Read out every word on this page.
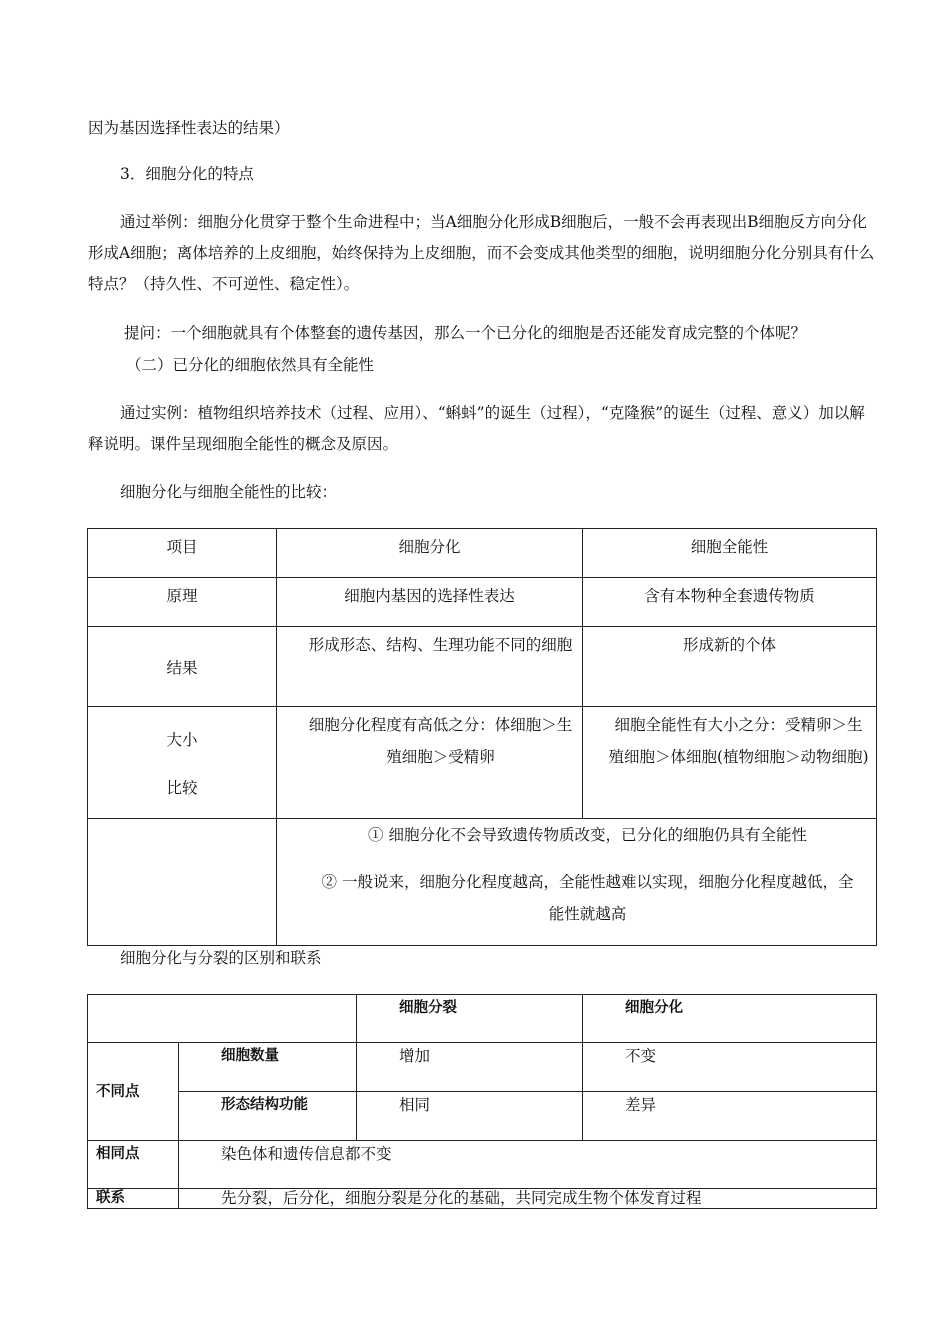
因为基因选择性表达的结果）

3．细胞分化的特点

通过举例：细胞分化贯穿于整个生命进程中；当A细胞分化形成B细胞后，一般不会再表现出B细胞反方向分化形成A细胞；离体培养的上皮细胞，始终保持为上皮细胞，而不会变成其他类型的细胞，说明细胞分化分别具有什么特点？（持久性、不可逆性、稳定性）。

提问：一个细胞就具有个体整套的遗传基因，那么一个已分化的细胞是否还能发育成完整的个体呢？

（二）已分化的细胞依然具有全能性

通过实例：植物组织培养技术（过程、应用）、“蝌蚪”的诞生（过程），“克隆猴”的诞生（过程、意义）加以解释说明。课件呈现细胞全能性的概念及原因。

细胞分化与细胞全能性的比较：

项目	细胞分化	细胞全能性
原理	细胞内基因的选择性表达	含有本物种全套遗传物质
结果	形成形态、结构、生理功能不同的细胞	形成新的个体

大小
比较	细胞分化程度有高低之分：体细胞＞生殖细胞＞受精卵	细胞全能性有大小之分：受精卵＞生殖细胞＞体细胞(植物细胞＞动物细胞)

	① 细胞分化不会导致遗传物质改变，已分化的细胞仍具有全能性
② 一般说来，细胞分化程度越高，全能性越难以实现，细胞分化程度越低，全能性就越高	

细胞分化与分裂的区别和联系

		细胞分裂	细胞分化
不同点	细胞数量	增加	不变
	形态结构功能	相同	差异
相同点	染色体和遗传信息都不变		
联系	先分裂，后分化，细胞分裂是分化的基础，共同完成生物个体发育过程		
